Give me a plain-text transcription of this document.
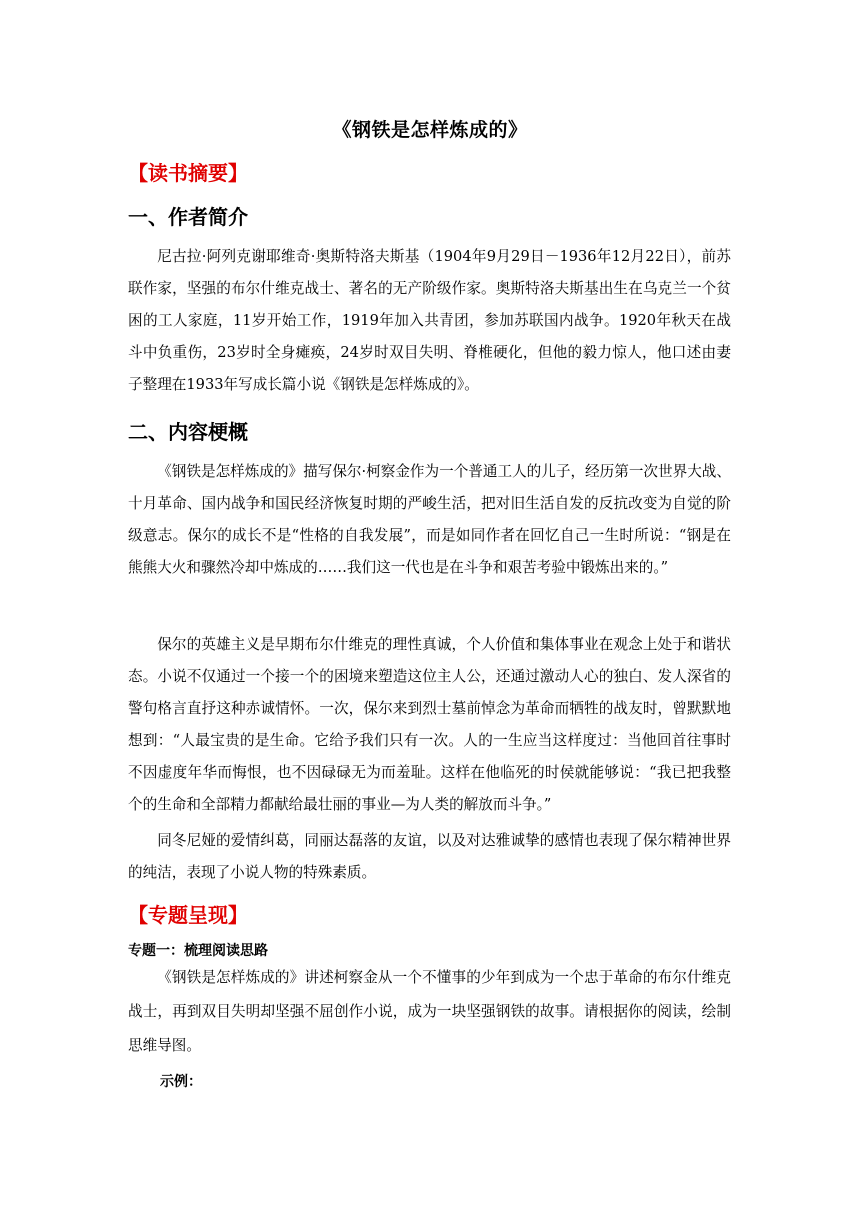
《钢铁是怎样炼成的》
【读书摘要】
一、作者简介
尼古拉·阿列克谢耶维奇·奥斯特洛夫斯基（1904年9月29日－1936年12月22日），前苏联作家，坚强的布尔什维克战士、著名的无产阶级作家。奥斯特洛夫斯基出生在乌克兰一个贫困的工人家庭，11岁开始工作，1919年加入共青团，参加苏联国内战争。1920年秋天在战斗中负重伤，23岁时全身瘫痪，24岁时双目失明、脊椎硬化，但他的毅力惊人，他口述由妻子整理在1933年写成长篇小说《钢铁是怎样炼成的》。
二、内容梗概
《钢铁是怎样炼成的》描写保尔·柯察金作为一个普通工人的儿子，经历第一次世界大战、十月革命、国内战争和国民经济恢复时期的严峻生活，把对旧生活自发的反抗改变为自觉的阶级意志。保尔的成长不是“性格的自我发展”，而是如同作者在回忆自己一生时所说：“钢是在熊熊大火和骤然冷却中炼成的……我们这一代也是在斗争和艰苦考验中锻炼出来的。”
保尔的英雄主义是早期布尔什维克的理性真诚，个人价值和集体事业在观念上处于和谐状态。小说不仅通过一个接一个的困境来塑造这位主人公，还通过激动人心的独白、发人深省的警句格言直抒这种赤诚情怀。一次，保尔来到烈士墓前悼念为革命而牺牲的战友时，曾默默地想到：“人最宝贵的是生命。它给予我们只有一次。人的一生应当这样度过：当他回首往事时不因虚度年华而悔恨，也不因碌碌无为而羞耻。这样在他临死的时侯就能够说：“我已把我整个的生命和全部精力都献给最壮丽的事业—为人类的解放而斗争。”
同冬尼娅的爱情纠葛，同丽达磊落的友谊，以及对达雅诚挚的感情也表现了保尔精神世界的纯洁，表现了小说人物的特殊素质。
【专题呈现】
专题一：梳理阅读思路
《钢铁是怎样炼成的》讲述柯察金从一个不懂事的少年到成为一个忠于革命的布尔什维克战士，再到双目失明却坚强不屈创作小说，成为一块坚强钢铁的故事。请根据你的阅读，绘制思维导图。
示例：
